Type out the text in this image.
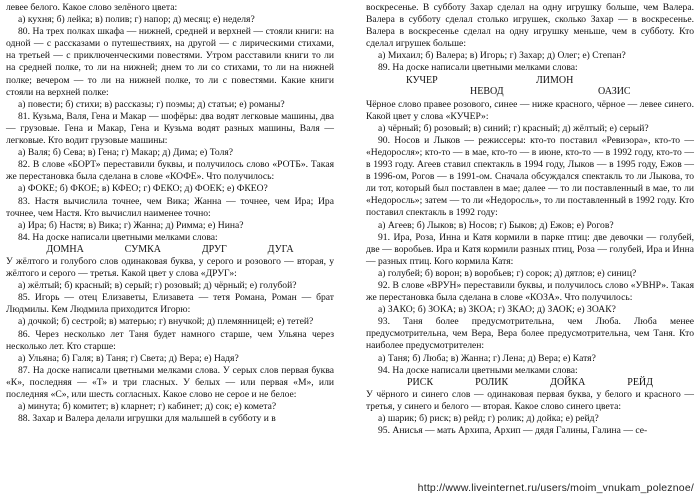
левее белого. Какое слово зелёного цвета:

а) кухня; б) лейка; в) полив; г) напор; д) месяц; е) неделя?

80. На трех полках шкафа — нижней, средней и верхней — стояли книги: на одной — с рассказами о путешествиях, на другой — с лирическими стихами, на третьей — с приключенческими повестями. Утром расставили книги то ли на средней полке, то ли на нижней; днем то ли со стихами, то ли на нижней полке; вечером — то ли на нижней полке, то ли с повестями. Какие книги стояли на верхней полке:

а) повести; б) стихи; в) рассказы; г) поэмы; д) статьи; е) романы?

81. Кузьма, Валя, Гена и Макар — шофёры: два водят легковые машины, два — грузовые. Гена и Макар, Гена и Кузьма водят разных машины, Валя — легковые. Кто водит грузовые машины:

а) Валя; б) Сева; в) Гена; г) Макар; д) Дима; е) Толя?

82. В слове «БОРТ» переставили буквы, и получилось слово «РОТБ». Такая же перестановка была сделана в слове «КОФЕ». Что получилось:

а) ФОКЕ; б) ФКОЕ; в) КФЕО; г) ФЕКО; д) ФОЕК; е) ФКЕО?

83. Настя вычислила точнее, чем Вика; Жанна — точнее, чем Ира; Ира точнее, чем Настя. Кто вычислил наименее точно:

а) Ира; б) Настя; в) Вика; г) Жанна; д) Римма; е) Нина?

84. На доске написали цветными мелками слова:

ДОМНА	СУМКА	ДРУГ	ДУГА

У жёлтого и голубого слов одинаковая буква, у серого и розового — вторая, у жёлтого и серого — третья. Какой цвет у слова «ДРУГ»:

а) жёлтый; б) красный; в) серый; г) розовый; д) чёрный; е) голубой?

85. Игорь — отец Елизаветы, Елизавета — тетя Романа, Роман — брат Людмилы. Кем Людмила приходится Игорю:

а) дочкой; б) сестрой; в) матерью; г) внучкой; д) племянницей; е) тетей?

86. Через несколько лет Таня будет намного старше, чем Ульяна через несколько лет. Кто старше:

а) Ульяна; б) Галя; в) Таня; г) Света; д) Вера; е) Надя?

87. На доске написали цветными мелками слова. У серых слов первая буква «К», последняя — «Т» и три гласных. У белых — или первая «М», или последняя «С», или шесть согласных. Какое слово не серое и не белое:

а) минута; б) комитет; в) кларнет; г) кабинет; д) сок; е) комета?

88. Захар и Валера делали игрушки для малышей в субботу и в

воскресенье. В субботу Захар сделал на одну игрушку больше, чем Валера. Валера в субботу сделал столько игрушек, сколько Захар — в воскресенье. Валера в воскресенье сделал на одну игрушку меньше, чем в субботу. Кто сделал игрушек больше:

а) Михаил; б) Валера; в) Игорь; г) Захар; д) Олег; е) Степан?

89. На доске написали цветными мелками слова:

КУЧЕР
НЕВОД
ЛИМОН
ОАЗИС

Чёрное слово правее розового, синее — ниже красного, чёрное — левее синего. Какой цвет у слова «КУЧЕР»:

а) чёрный; б) розовый; в) синий; г) красный; д) жёлтый; е) серый?

90. Носов и Лыков — режиссеры: кто-то поставил «Ревизора», кто-то — «Недоросля»; кто-то — в мае, кто-то — в июне, кто-то — в 1992 году, кто-то — в 1993 году. Агеев ставил спектакль в 1994 году, Лыков — в 1995 году, Ежов — в 1996-ом, Рогов — в 1991-ом. Сначала обсуждался спектакль то ли Лыкова, то ли тот, который был поставлен в мае; далее — то ли поставленный в мае, то ли «Недоросль»; затем — то ли «Недоросль», то ли поставленный в 1992 году. Кто поставил спектакль в 1992 году:

а) Агеев; б) Лыков; в) Носов; г) Быков; д) Ежов; е) Рогов?

91. Ира, Роза, Инна и Катя кормили в парке птиц: две девочки — голубей, две — воробьев. Ира и Катя кормили разных птиц, Роза — голубей, Ира и Инна — разных птиц. Кого кормила Катя:

а) голубей; б) ворон; в) воробьев; г) сорок; д) дятлов; е) синиц?

92. В слове «ВРУН» переставили буквы, и получилось слово «УВНР». Такая же перестановка была сделана в слове «КОЗА». Что получилось:

а) ЗАКО; б) ЗОКА; в) ЗКОА; г) ЗКАО; д) ЗАОК; е) ЗОАК?

93. Таня более предусмотрительна, чем Люба. Люба менее предусмотрительна, чем Вера, Вера более предусмотрительна, чем Таня. Кто наиболее предусмотрителен:

а) Таня; б) Люба; в) Жанна; г) Лена; д) Вера; е) Катя?

94. На доске написали цветными мелками слова:

РИСК	РОЛИК	ДОЙКА	РЕЙД

У чёрного и синего слов — одинаковая первая буква, у белого и красного — третья, у синего и белого — вторая. Какое слово синего цвета:

а) шарик; б) риск; в) рейд; г) ролик; д) дойка; е) рейд?

95. Анисья — мать Архипа, Архип — дядя Галины, Галина — се-

http://www.liveinternet.ru/users/moim_vnukam_poleznoe/
